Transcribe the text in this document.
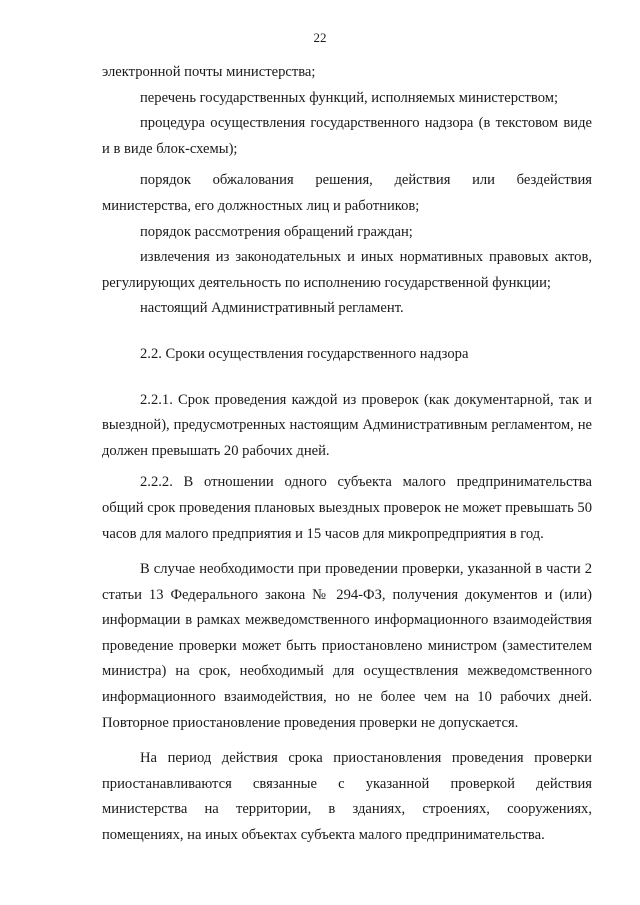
22

электронной почты министерства;

перечень государственных функций, исполняемых министерством;

процедура осуществления государственного надзора (в текстовом виде и в виде блок-схемы);

порядок обжалования решения, действия или бездействия министерства, его должностных лиц и работников;

порядок рассмотрения обращений граждан;

извлечения из законодательных и иных нормативных правовых актов, регулирующих деятельность по исполнению государственной функции;

настоящий Административный регламент.

2.2. Сроки осуществления государственного надзора

2.2.1. Срок проведения каждой из проверок (как документарной, так и выездной), предусмотренных настоящим Административным регламентом, не должен превышать 20 рабочих дней.

2.2.2. В отношении одного субъекта малого предпринимательства общий срок проведения плановых выездных проверок не может превышать 50 часов для малого предприятия и 15 часов для микропредприятия в год.

В случае необходимости при проведении проверки, указанной в части 2 статьи 13 Федерального закона № 294-ФЗ, получения документов и (или) информации в рамках межведомственного информационного взаимодействия проведение проверки может быть приостановлено министром (заместителем министра) на срок, необходимый для осуществления межведомственного информационного взаимодействия, но не более чем на 10 рабочих дней. Повторное приостановление проведения проверки не допускается.

На период действия срока приостановления проведения проверки приостанавливаются связанные с указанной проверкой действия министерства на территории, в зданиях, строениях, сооружениях, помещениях, на иных объектах субъекта малого предпринимательства.
